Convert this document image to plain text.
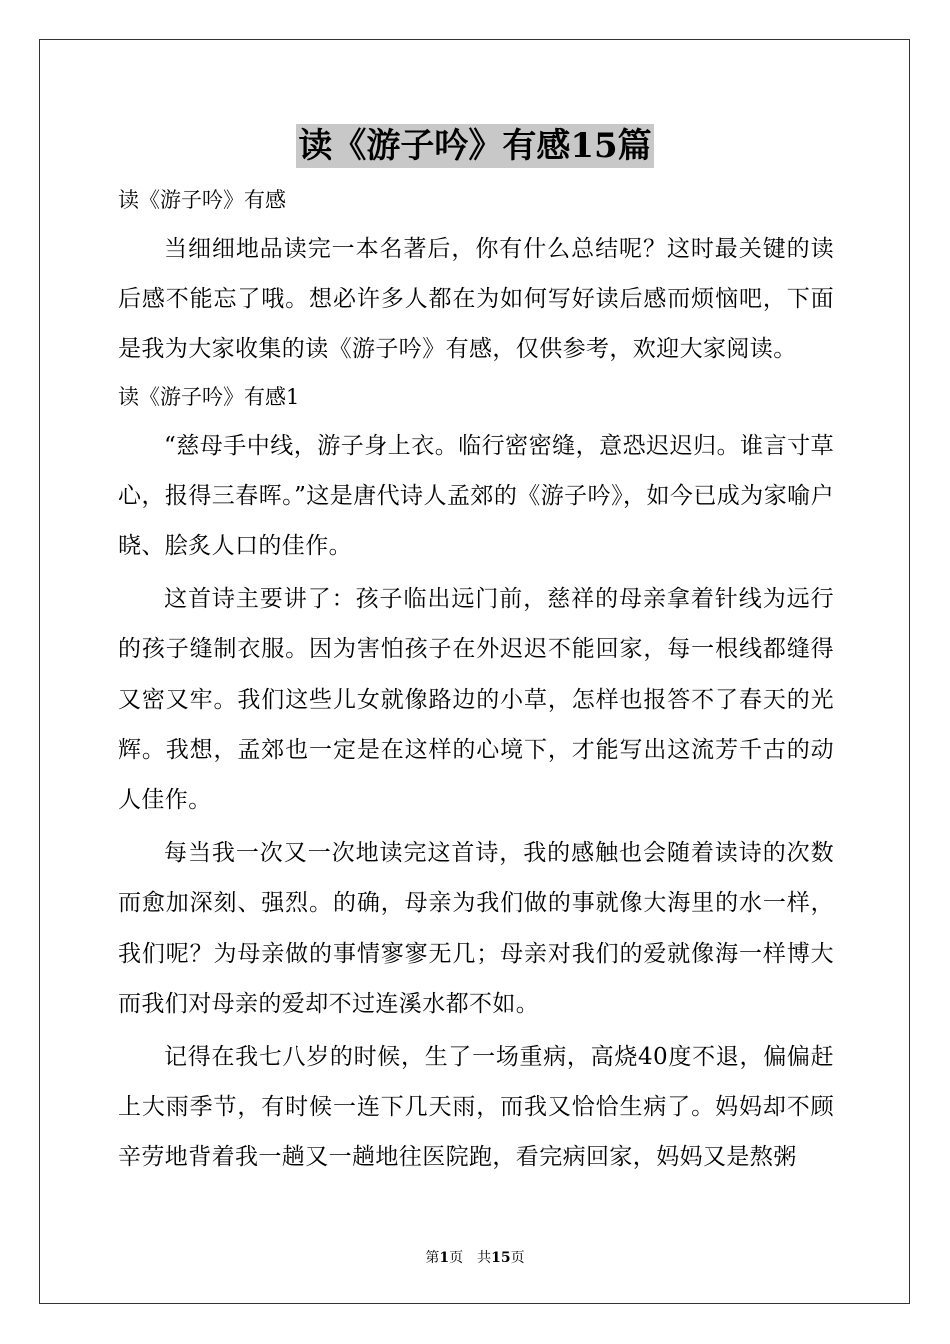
读《游子吟》有感15篇

读《游子吟》有感

当细细地品读完一本名著后，你有什么总结呢？这时最关键的读后感不能忘了哦。想必许多人都在为如何写好读后感而烦恼吧，下面是我为大家收集的读《游子吟》有感，仅供参考，欢迎大家阅读。

读《游子吟》有感1

“慈母手中线，游子身上衣。临行密密缝，意恐迟迟归。谁言寸草心，报得三春晖。”这是唐代诗人孟郊的《游子吟》，如今已成为家喻户晓、脍炙人口的佳作。

这首诗主要讲了：孩子临出远门前，慈祥的母亲拿着针线为远行的孩子缝制衣服。因为害怕孩子在外迟迟不能回家，每一根线都缝得又密又牢。我们这些儿女就像路边的小草，怎样也报答不了春天的光辉。我想，孟郊也一定是在这样的心境下，才能写出这流芳千古的动人佳作。

每当我一次又一次地读完这首诗，我的感触也会随着读诗的次数而愈加深刻、强烈。的确，母亲为我们做的事就像大海里的水一样，我们呢？为母亲做的事情寥寥无几；母亲对我们的爱就像海一样博大而我们对母亲的爱却不过连溪水都不如。

记得在我七八岁的时候，生了一场重病，高烧40度不退，偏偏赶上大雨季节，有时候一连下几天雨，而我又恰恰生病了。妈妈却不顾辛劳地背着我一趟又一趟地往医院跑，看完病回家，妈妈又是熬粥

第1页　共15页
